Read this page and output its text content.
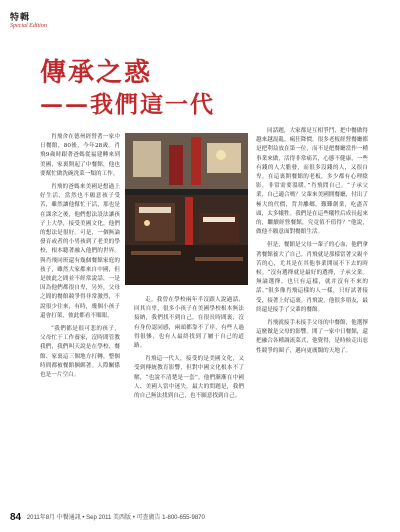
特輯
Special Edition
傳承之惑
——我們這一代

肖飛舍在德州經營著一家中日餐館，80後，今年28歲。肖飛9歲時跟著爸媽從福建轉來到美國，家裏開起了中餐館，他也要幫忙做洗碗洗菜一類的工作。

肖飛的爸媽來美國是想過上好生活，當然也不願意孩子受苦，雖然讓他幫忙干活，那也是在課余之後，他們想法設法讓孩子上大學，接受美國文化，他們的想法是很好。可是，一個無論發育或者的小男孩到了老美的學校，根本聽著融入他們的世界。與肖飛同班還有幾個餐館家庭的孩子，雖然大家都來自中國，但是彼此之間並不經常說話，一是因為他們都很自卑，另外，父母之間的餐館競爭得非常激烈，不說很少往來，有時，幾個小孩子還會打架，彼此都看不順眼。

“我們都是很可悲的孩子，父母忙于工作養家，沒時間管教我們，我們叫天說是在學校、餐館、家裏這三個地方打轉，整個時間都被餐館捆綁著。人際關係也是一片空白。

走。我曾在學校兩年半沒跟人說過話，回其自卑，很多小孩子在美國學校根本無法接納，我們找不到自己，在很長時間裏，沒有身份認同感，兩頭都靠不了岸，有些人過得很慘，也有人最終找到了屬于自己的道路。

肖飛這一代人，接受的是美國文化，又受到傳統教育影響，但對中國文化根本不了解，“也說不清楚是一套”。他們漸漸在中國人、美國人當中迷失。最大的問題是，我們的自己無法找到自己，也不願意找到自己。

同話題，大家都是互相爭鬥，把中餐做得越來越混亂，瘋狂降價。很多老板經營餐廳都是把利益放在第一位，而不是把餐廳當作一種事業來做，活得非常痛苦，心態不健康，一些有錢的人大膽發，而很多沒錢的人，又很自卑。在這裏開餐館的老板，多少都有心理陰影，非常需要溫暖。”肖飛問自己，“子承父業，自己適合嗎？父輩來美國開餐廳，付出了極大的代價，背井離鄉，艱難創業，吃盡苦頭，太多犧牲。我們是在這些犧牲后成長起來的，繼續經營餐館，究竟值不值得？”他說，做他不願意面對餐館生活。

但是，餐館是父母一輩子的心血，他們拿著餐館養大了自己。肖飛就是那樣當著父親辛苦的心，尤其是在其他事業開展不下去的時候。“沒有選擇就是最好的選擇，子承父業。無論選擇，也只有這樣，就并沒有不來的話。”很多像肖飛這樣的人一樣，只好試著接受，接著上好這裏。肖飛說，他很多朋友，最終還是接手了父輩的餐館。

肖飛就接手未接手父母的中餐館，他選擇這麼做是父母的影響。開了一家中日餐館，還把融合各種調流菜式，他覺得，是時候走出惡性競爭的圈子，邁向更廣闊的天地了。

84 2011年8月 中餐通訊 • Sep 2011 美西版 • 可查廣告 1-800-655-9870
